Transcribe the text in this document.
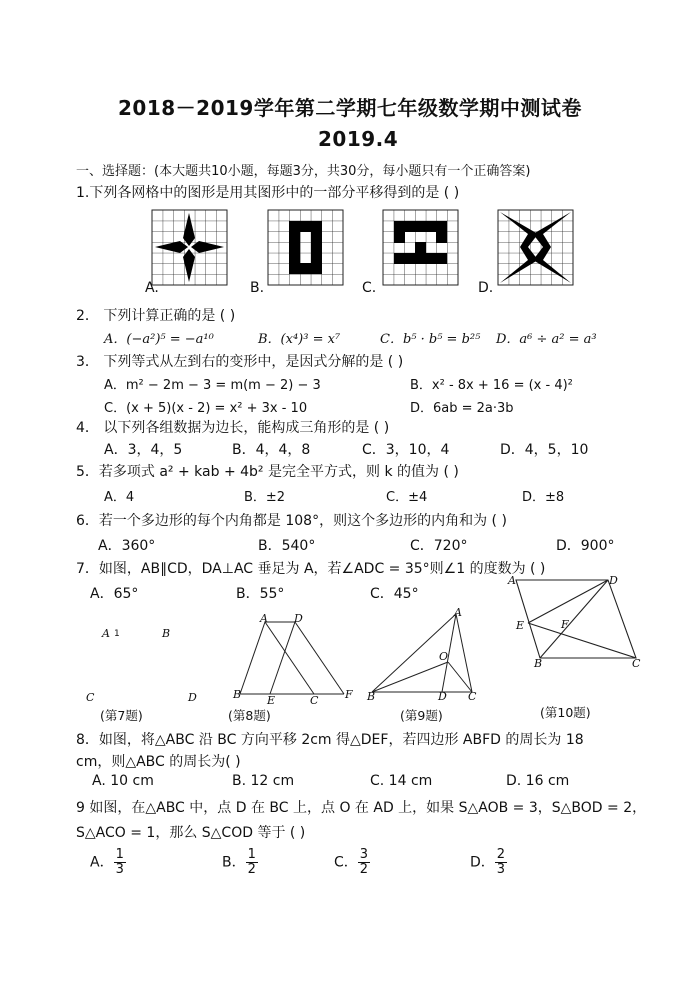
2018－2019学年第二学期七年级数学期中测试卷
2019.4
一、选择题：(本大题共10小题，每题3分，共30分，每小题只有一个正确答案)
1.下列各网格中的图形是用其图形中的一部分平移得到的是 ( )
A.	B.	C.	D.
2． 下列计算正确的是 ( )
A．(−a²)⁵ = −a¹⁰	B．(x⁴)³ = x⁷	C．b⁵ · b⁵ = b²⁵ D．a⁶ ÷ a² = a³
3． 下列等式从左到右的变形中，是因式分解的是 ( )
A．m² − 2m − 3 = m(m − 2) − 3	B．x² - 8x + 16 = (x - 4)²
C．(x + 5)(x - 2) = x² + 3x - 10	D．6ab = 2a·3b
4． 以下列各组数据为边长，能构成三角形的是 ( )
A．3，4，5	B．4，4，8	C．3，10，4	D．4，5，10
5．若多项式 a² + kab + 4b² 是完全平方式，则 k 的值为 ( )
A．4	B．±2	C．±4	D．±8
6．若一个多边形的每个内角都是 108°，则这个多边形的内角和为 ( )
A．360°	B．540°	C．720°	D．900°
7．如图，AB∥CD，DA⊥AC 垂足为 A，若∠ADC = 35°则∠1 的度数为 ( )
A．65°	B．55°	C．45°
A 1	B
C	D
A D
B E	C F
A
O
B	D C
A	D
E	F
B	C
(第7题)	(第8题)	(第9题)	(第10题)
8．如图，将△ABC 沿 BC 方向平移 2cm 得△DEF，若四边形 ABFD 的周长为 18
cm，则△ABC 的周长为( )
A. 10 cm	B. 12 cm	C. 14 cm	D. 16 cm
9 如图，在△ABC 中，点 D 在 BC 上，点 O 在 AD 上，如果 S△AOB = 3，S△BOD = 2，
S△ACO = 1，那么 S△COD 等于 ( )
A． $\frac{1}{3}$	B． $\frac{1}{2}$	C． $\frac{3}{2}$	D． $\frac{2}{3}$
